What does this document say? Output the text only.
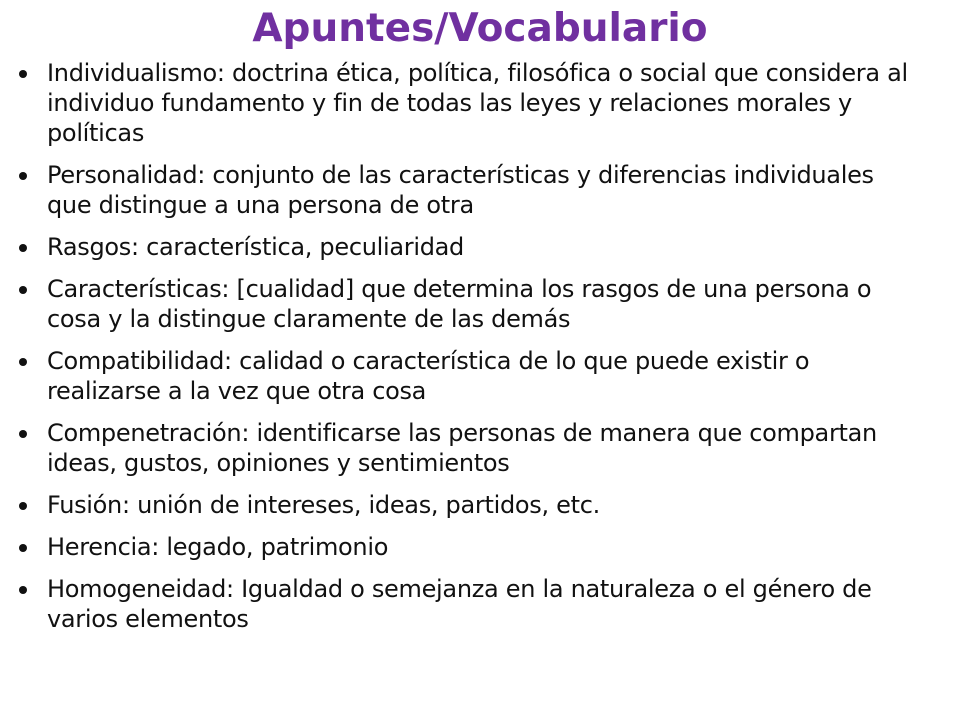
Apuntes/Vocabulario
Individualismo: doctrina ética, política, filosófica o social que considera al individuo fundamento y fin de todas las leyes y relaciones morales y políticas
Personalidad: conjunto de las características y diferencias individuales que distingue a una persona de otra
Rasgos: característica, peculiaridad
Características: [cualidad] que determina los rasgos de una persona o cosa y la distingue claramente de las demás
Compatibilidad: calidad o característica de lo que puede existir o realizarse a la vez que otra cosa
Compenetración: identificarse las personas de manera que compartan ideas, gustos, opiniones y sentimientos
Fusión: unión de intereses, ideas, partidos, etc.
Herencia: legado, patrimonio
Homogeneidad: Igualdad o semejanza en la naturaleza o el género de varios elementos
